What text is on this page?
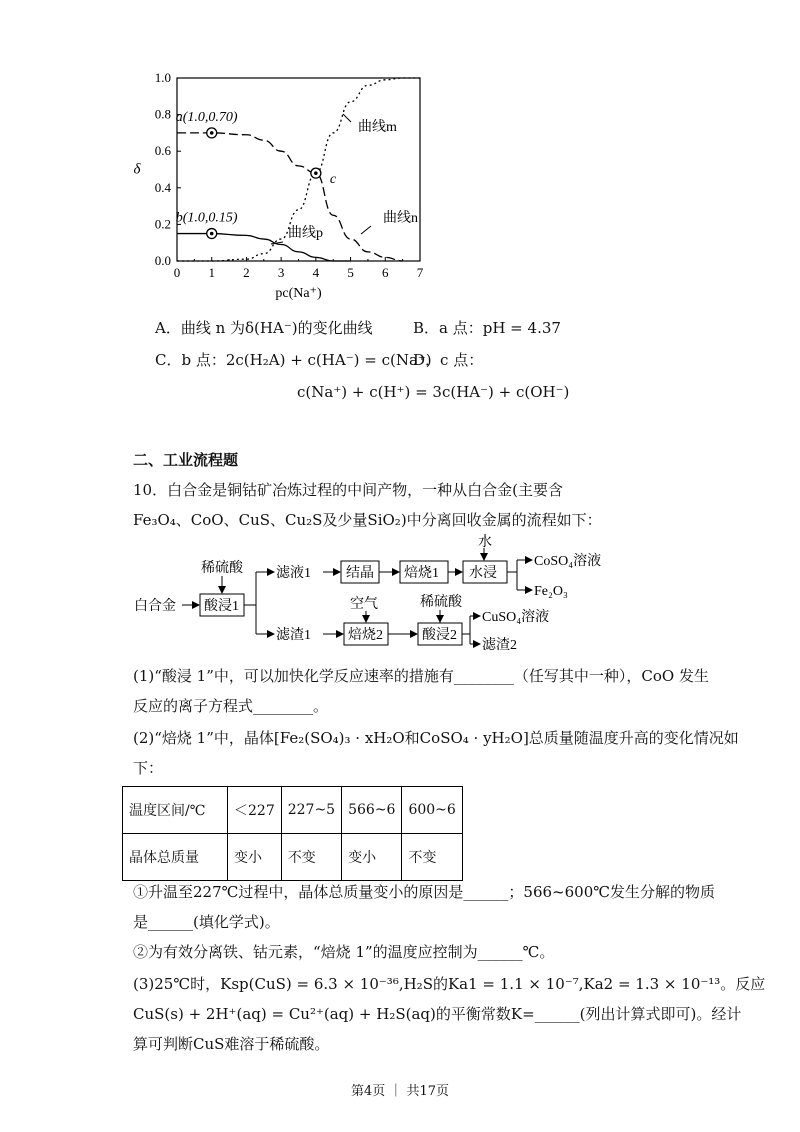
0 1 2 3 4 5 6 7
0.0
0.2
0.4
0.6
0.8
1.0
pc(Na⁺)
δ
a(1.0,0.70)
b(1.0,0.15)
c
曲线m
曲线n
曲线p
A．曲线 n 为δ(HA⁻)的变化曲线	B．a 点：pH = 4.37
C．b 点：2c(H₂A) + c(HA⁻) = c(Na⁺)
D．c 点：
c(Na⁺) + c(H⁺) = 3c(HA⁻) + c(OH⁻)
二、工业流程题
10．白合金是铜钴矿冶炼过程的中间产物，一种从白合金(主要含
Fe₃O₄、CoO、CuS、Cu₂S及少量SiO₂)中分离回收金属的流程如下：
白合金
稀硫酸 滤液1
水
CoSO₄溶液
Fe₂O₃
滤渣1
空气	稀硫酸
CuSO₄溶液
滤渣2
酸浸1
结晶 焙烧1 水浸
焙烧2	酸浸2
(1)“酸浸 1”中，可以加快化学反应速率的措施有________（任写其中一种），CoO 发生
反应的离子方程式________。
(2)“焙烧 1”中，晶体[Fe₂(SO₄)₃ · xH₂O和CoSO₄ · yH₂O]总质量随温度升高的变化情况如
下：
温度区间/℃	＜227	227~5	566~6	600~6
晶体总质量	变小	不变	变小	不变
①升温至227℃过程中，晶体总质量变小的原因是______；566~600℃发生分解的物质
是______(填化学式)。
②为有效分离铁、钴元素，“焙烧 1”的温度应控制为______℃。
(3)25℃时，Ksp(CuS) = 6.3 × 10⁻³⁶,H₂S的Ka1 = 1.1 × 10⁻⁷,Ka2 = 1.3 × 10⁻¹³。反应
CuS(s) + 2H⁺(aq) = Cu²⁺(aq) + H₂S(aq)的平衡常数K=______(列出计算式即可)。经计
算可判断CuS难溶于稀硫酸。
第4页 ｜ 共17页
